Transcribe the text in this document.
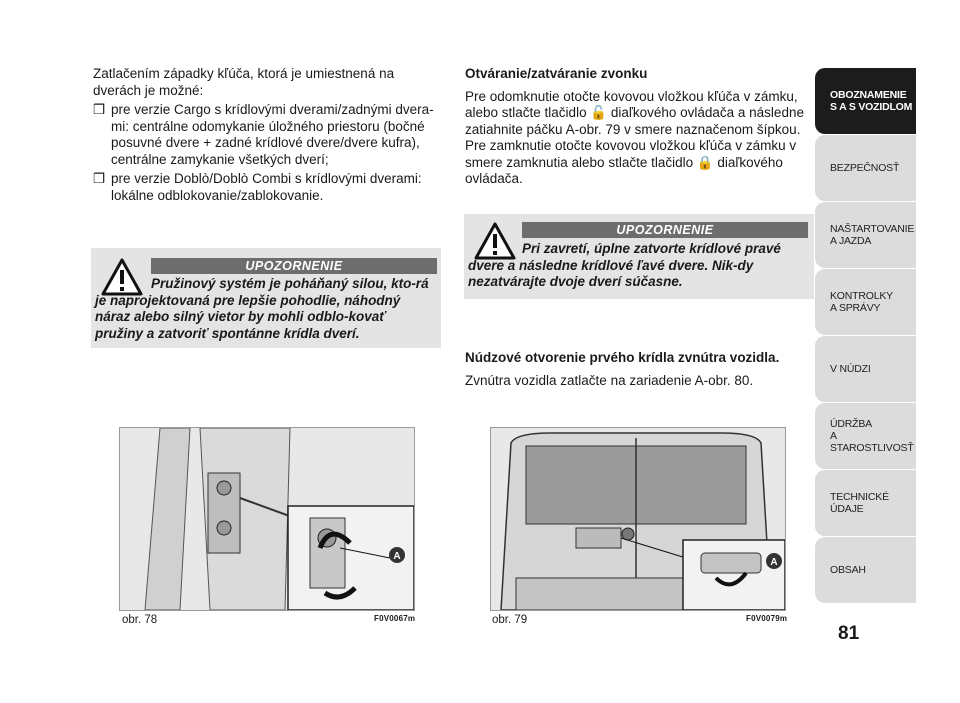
Zatlačením západky kľúča, ktorá je umiestnená na dverách je možné:

❒ pre verzie Cargo s krídlovými dverami/zadnými dvera-mi: centrálne odomykanie úložného priestoru (bočné posuvné dvere + zadné krídlové dvere/dvere kufra), centrálne zamykanie všetkých dverí;
❒ pre verzie Doblò/Doblò Combi s krídlovými dverami: lokálne odblokovanie/zablokovanie.
UPOZORNENIE
Pružinový systém je poháňaný silou, kto-rá je naprojektovaná pre lepšie pohodlie, náhodný náraz alebo silný vietor by mohli odblo-kovať pružiny a zatvoriť spontánne krídla dverí.
A
obr. 78	F0V0067m
Otváranie/zatváranie zvonku

Pre odomknutie otočte kovovou vložkou kľúča v zámku, alebo stlačte tlačidlo 🔓 diaľkového ovládača a následne zatiahnite páčku A-obr. 79 v smere naznačenom šípkou. Pre zamknutie otočte kovovou vložkou kľúča v zámku v smere zamknutia alebo stlačte tlačidlo 🔒 diaľkového ovládača.

UPOZORNENIE
Pri zavretí, úplne zatvorte krídlové pravé dvere a následne krídlové ľavé dvere. Nik-dy nezatvárajte dvoje dverí súčasne.
Núdzové otvorenie prvého krídla zvnútra vozidla.

Zvnútra vozidla zatlačte na zariadenie A-obr. 80.

A
obr. 79	F0V0079m
OBOZNAMENIE
S A S VOZIDLOM
BEZPEČNOSŤ
NAŠTARTOVANIE
A JAZDA
KONTROLKY
A SPRÁVY
V NÚDZI
ÚDRŽBA
A STAROSTLIVOSŤ
TECHNICKÉ
ÚDAJE
OBSAH
81
